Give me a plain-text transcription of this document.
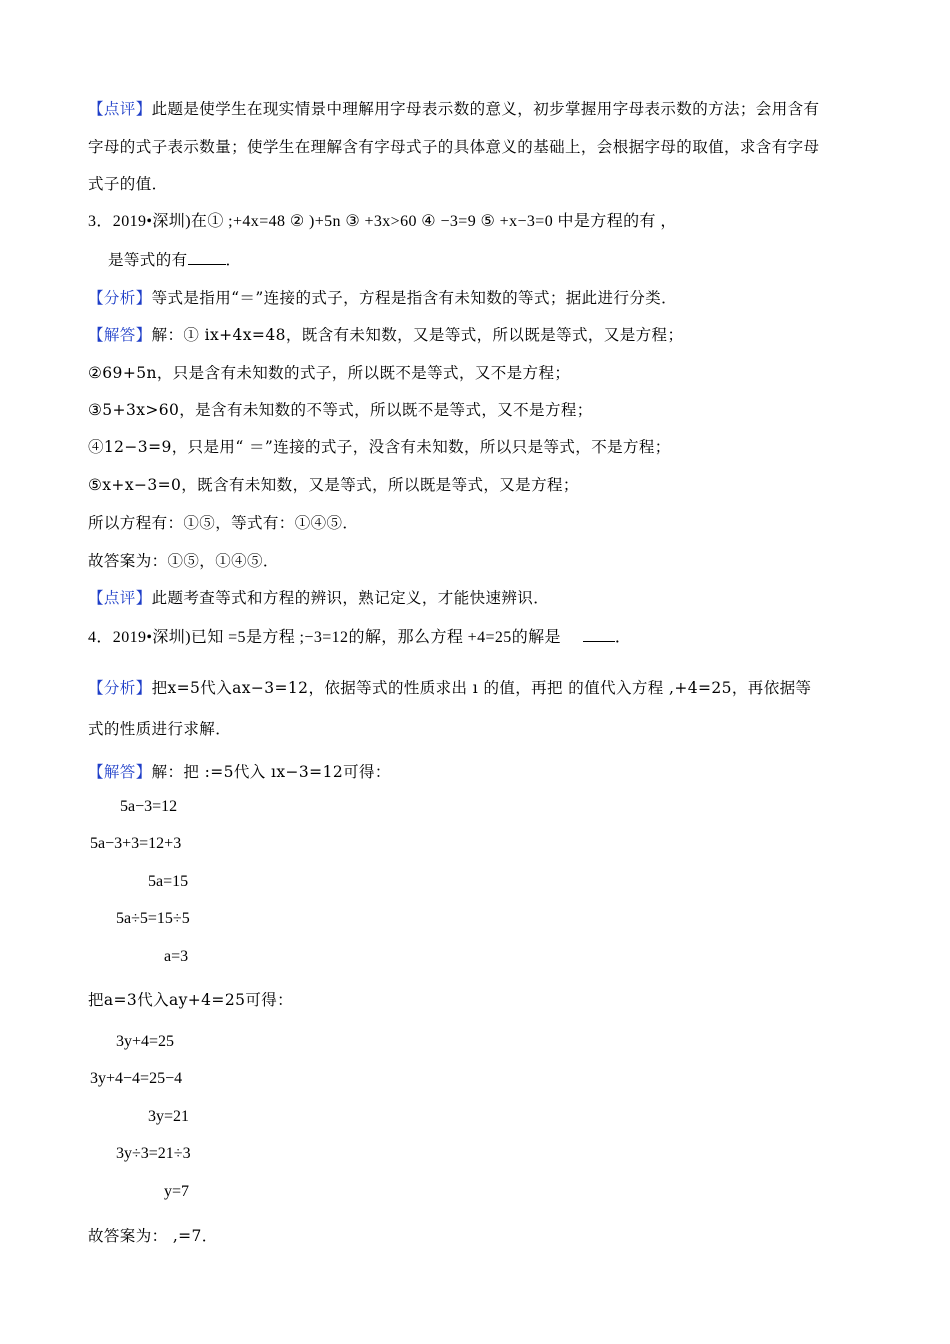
【点评】此题是使学生在现实情景中理解用字母表示数的意义，初步掌握用字母表示数的方法；会用含有
字母的式子表示数量；使学生在理解含有字母式子的具体意义的基础上，会根据字母的取值，求含有字母
式子的值．
3．2019•深圳)在① ;+4x=48 ② )+5n ③ +3x>60 ④ −3=9 ⑤ +x−3=0 中是方程的有 ，
是等式的有 ．
【分析】等式是指用“＝”连接的式子，方程是指含有未知数的等式；据此进行分类．
【解答】解：① ix+4x=48，既含有未知数，又是等式，所以既是等式，又是方程；
②69+5n，只是含有未知数的式子，所以既不是等式，又不是方程；
③5+3x>60，是含有未知数的不等式，所以既不是等式，又不是方程；
④12−3=9，只是用“ ＝”连接的式子，没含有未知数，所以只是等式，不是方程；
⑤x+x−3=0，既含有未知数，又是等式，所以既是等式，又是方程；
所以方程有：①⑤，等式有：①④⑤．
故答案为：①⑤，①④⑤．
【点评】此题考查等式和方程的辨识，熟记定义，才能快速辨识．
4．2019•深圳)已知 =5是方程 ;−3=12的解，那么方程 +4=25的解是	．
【分析】把x=5代入ax−3=12，依据等式的性质求出 ı 的值，再把 的值代入方程 ,+4=25，再依据等
式的性质进行求解．
【解答】解：把 :=5代入 ıx−3=12可得：
5a−3=12
5a−3+3=12+3
5a=15
5a÷5=15÷5
a=3
把a=3代入ay+4=25可得：
3y+4=25
3y+4−4=25−4
3y=21
3y÷3=21÷3
y=7
故答案为： ,=7．
